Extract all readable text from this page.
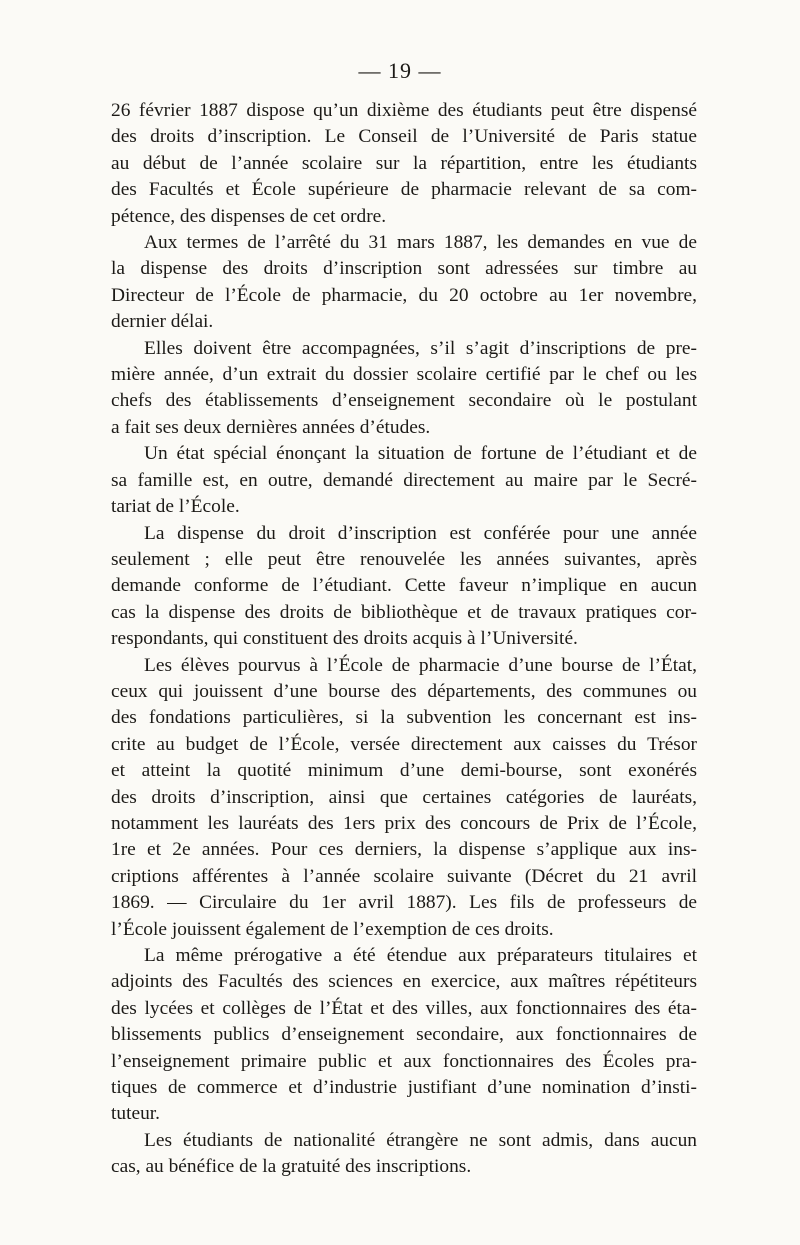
— 19 —
26 février 1887 dispose qu’un dixième des étudiants peut être dispensé
des droits d’inscription. Le Conseil de l’Université de Paris statue
au début de l’année scolaire sur la répartition, entre les étudiants
des Facultés et École supérieure de pharmacie relevant de sa com-
pétence, des dispenses de cet ordre.
Aux termes de l’arrêté du 31 mars 1887, les demandes en vue de
la dispense des droits d’inscription sont adressées sur timbre au
Directeur de l’École de pharmacie, du 20 octobre au 1er novembre,
dernier délai.
Elles doivent être accompagnées, s’il s’agit d’inscriptions de pre-
mière année, d’un extrait du dossier scolaire certifié par le chef ou les
chefs des établissements d’enseignement secondaire où le postulant
a fait ses deux dernières années d’études.
Un état spécial énonçant la situation de fortune de l’étudiant et de
sa famille est, en outre, demandé directement au maire par le Secré-
tariat de l’École.
La dispense du droit d’inscription est conférée pour une année
seulement ; elle peut être renouvelée les années suivantes, après
demande conforme de l’étudiant. Cette faveur n’implique en aucun
cas la dispense des droits de bibliothèque et de travaux pratiques cor-
respondants, qui constituent des droits acquis à l’Université.
Les élèves pourvus à l’École de pharmacie d’une bourse de l’État,
ceux qui jouissent d’une bourse des départements, des communes ou
des fondations particulières, si la subvention les concernant est ins-
crite au budget de l’École, versée directement aux caisses du Trésor
et atteint la quotité minimum d’une demi-bourse, sont exonérés
des droits d’inscription, ainsi que certaines catégories de lauréats,
notamment les lauréats des 1ers prix des concours de Prix de l’École,
1re et 2e années. Pour ces derniers, la dispense s’applique aux ins-
criptions afférentes à l’année scolaire suivante (Décret du 21 avril
1869. — Circulaire du 1er avril 1887). Les fils de professeurs de
l’École jouissent également de l’exemption de ces droits.
La même prérogative a été étendue aux préparateurs titulaires et
adjoints des Facultés des sciences en exercice, aux maîtres répétiteurs
des lycées et collèges de l’État et des villes, aux fonctionnaires des éta-
blissements publics d’enseignement secondaire, aux fonctionnaires de
l’enseignement primaire public et aux fonctionnaires des Écoles pra-
tiques de commerce et d’industrie justifiant d’une nomination d’insti-
tuteur.
Les étudiants de nationalité étrangère ne sont admis, dans aucun
cas, au bénéfice de la gratuité des inscriptions.
